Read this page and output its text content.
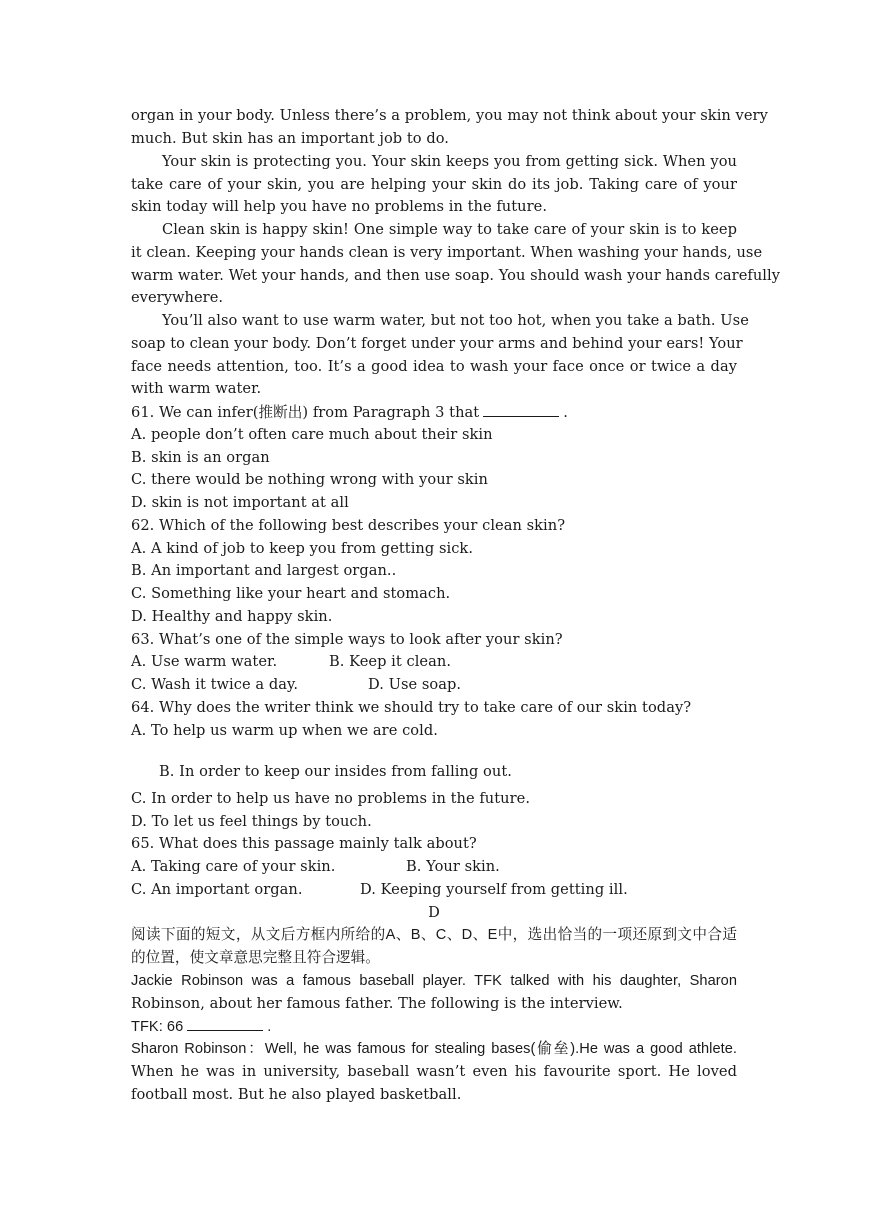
organ in your body. Unless there’s a problem, you may not think about your skin very
much. But skin has an important job to do.
Your skin is protecting you. Your skin keeps you from getting sick. When you
take care of your skin, you are helping your skin do its job. Taking care of your
skin today will help you have no problems in the future.
Clean skin is happy skin! One simple way to take care of your skin is to keep
it clean. Keeping your hands clean is very important. When washing your hands, use
warm water. Wet your hands, and then use soap. You should wash your hands carefully
everywhere.
You’ll also want to use warm water, but not too hot, when you take a bath. Use
soap to clean your body. Don’t forget under your arms and behind your ears! Your
face needs attention, too. It’s a good idea to wash your face once or twice a day
with warm water.
61. We can infer(推断出) from Paragraph 3 that	.
A. people don’t often care much about their skin
B. skin is an organ
C. there would be nothing wrong with your skin
D. skin is not important at all
62. Which of the following best describes your clean skin?
A. A kind of job to keep you from getting sick.
B. An important and largest organ..
C. Something like your heart and stomach.
D. Healthy and happy skin.
63. What’s one of the simple ways to look after your skin?
A. Use warm water.	B. Keep it clean.
C. Wash it twice a day.	D. Use soap.
64. Why does the writer think we should try to take care of our skin today?
A. To help us warm up when we are cold.
B. In order to keep our insides from falling out.
C. In order to help us have no problems in the future.
D. To let us feel things by touch.
65. What does this passage mainly talk about?
A. Taking care of your skin.	B. Your skin.
C. An important organ.	D. Keeping yourself from getting ill.
D
阅读下面的短文，从文后方框内所给的A、B、C、D、E中，选出恰当的一项还原到文中合适
的位置，使文章意思完整且符合逻辑。
Jackie Robinson was a famous baseball player. TFK talked with his daughter, Sharon
Robinson, about her famous father. The following is the interview.
TFK: 66	.
Sharon Robinson：Well, he was famous for stealing bases(偷垒).He was a good athlete.
When he was in university, baseball wasn’t even his favourite sport. He loved
football most. But he also played basketball.
